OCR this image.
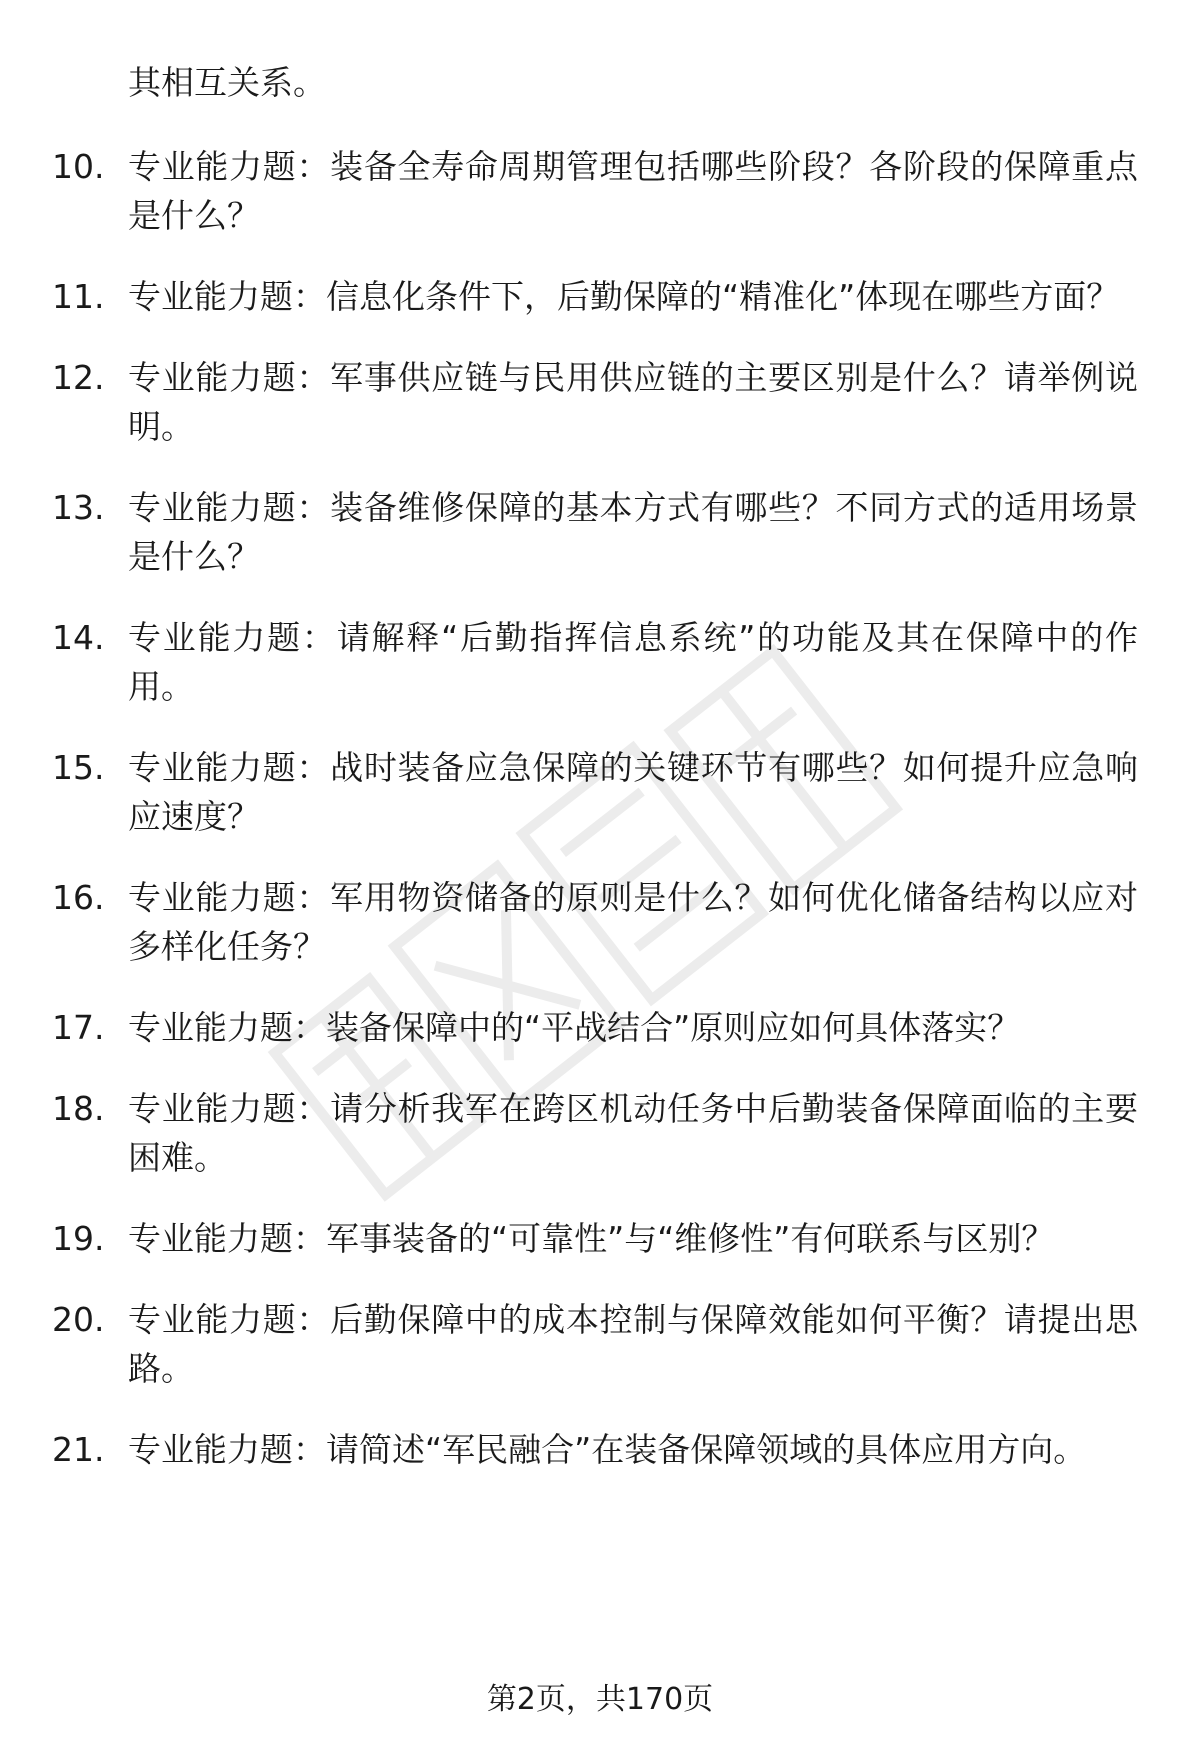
其相互关系。
10. 专业能力题：装备全寿命周期管理包括哪些阶段？各阶段的保障重点是什么？
11. 专业能力题：信息化条件下，后勤保障的“精准化”体现在哪些方面？
12. 专业能力题：军事供应链与民用供应链的主要区别是什么？请举例说明。
13. 专业能力题：装备维修保障的基本方式有哪些？不同方式的适用场景是什么？
14. 专业能力题：请解释“后勤指挥信息系统”的功能及其在保障中的作用。
15. 专业能力题：战时装备应急保障的关键环节有哪些？如何提升应急响应速度？
16. 专业能力题：军用物资储备的原则是什么？如何优化储备结构以应对多样化任务？
17. 专业能力题：装备保障中的“平战结合”原则应如何具体落实？
18. 专业能力题：请分析我军在跨区机动任务中后勤装备保障面临的主要困难。
19. 专业能力题：军事装备的“可靠性”与“维修性”有何联系与区别？
20. 专业能力题：后勤保障中的成本控制与保障效能如何平衡？请提出思路。
21. 专业能力题：请简述“军民融合”在装备保障领域的具体应用方向。
第2页，共170页
